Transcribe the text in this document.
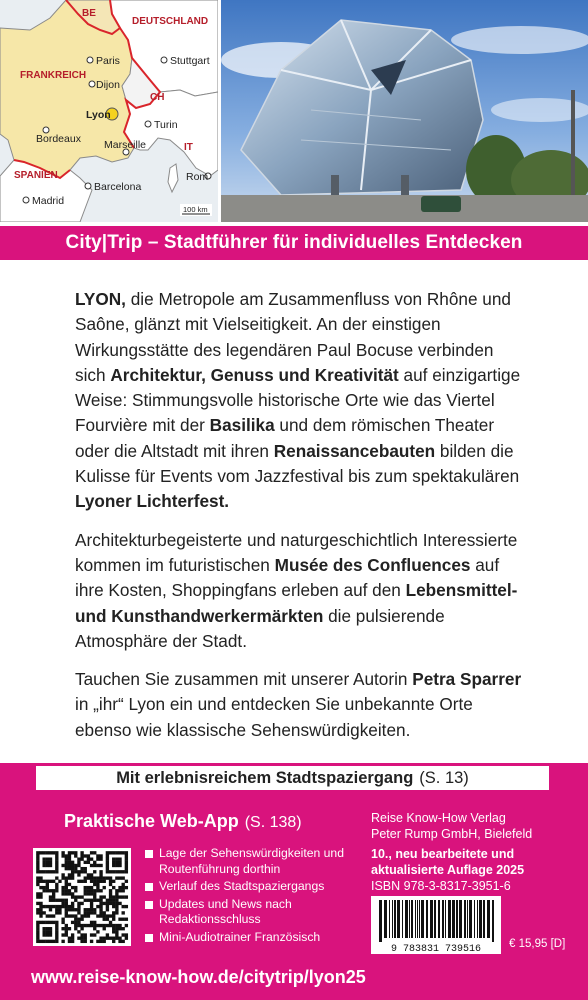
BE
DEUTSCHLAND
FRANKREICH
CH
IT
SPANIEN
Paris	Stuttgart
Dijon
Lyon
Bordeaux
Turin
Marseille
Rom
Barcelona
Madrid
100 km
City|Trip – Stadtführer für individuelles Entdecken

LYON, die Metropole am Zusammenfluss von Rhône und Saône, glänzt mit Vielseitigkeit. An der einstigen Wirkungsstätte des legendären Paul Bocuse verbinden sich Architektur, Genuss und Kreativität auf einzigartige Weise: Stimmungsvolle historische Orte wie das Viertel Fourvière mit der Basilika und dem römischen Theater oder die Altstadt mit ihren Renaissancebauten bilden die Kulisse für Events vom Jazzfestival bis zum spektakulären Lyoner Lichterfest.

Architekturbegeisterte und naturgeschichtlich Interessierte kommen im futuristischen Musée des Confluences auf ihre Kosten, Shoppingfans erleben auf den Lebensmittel- und Kunsthandwerkermärkten die pulsierende Atmosphäre der Stadt.

Tauchen Sie zusammen mit unserer Autorin Petra Sparrer in „ihr“ Lyon ein und entdecken Sie unbekannte Orte ebenso wie klassische Sehenswürdigkeiten.

Mit erlebnisreichem Stadtspaziergang (S. 13)
Praktische Web-App (S. 138)
Lage der Sehenswürdigkeiten und Routenführung dorthin
Verlauf des Stadtspaziergangs
Updates und News nach Redaktionsschluss
Mini-Audiotrainer Französisch
Reise Know-How Verlag
Peter Rump GmbH, Bielefeld
10., neu bearbeitete und
aktualisierte Auflage 2025
ISBN 978-3-8317-3951-6
9 783831 739516 € 15,95 [D]
www.reise-know-how.de/citytrip/lyon25
